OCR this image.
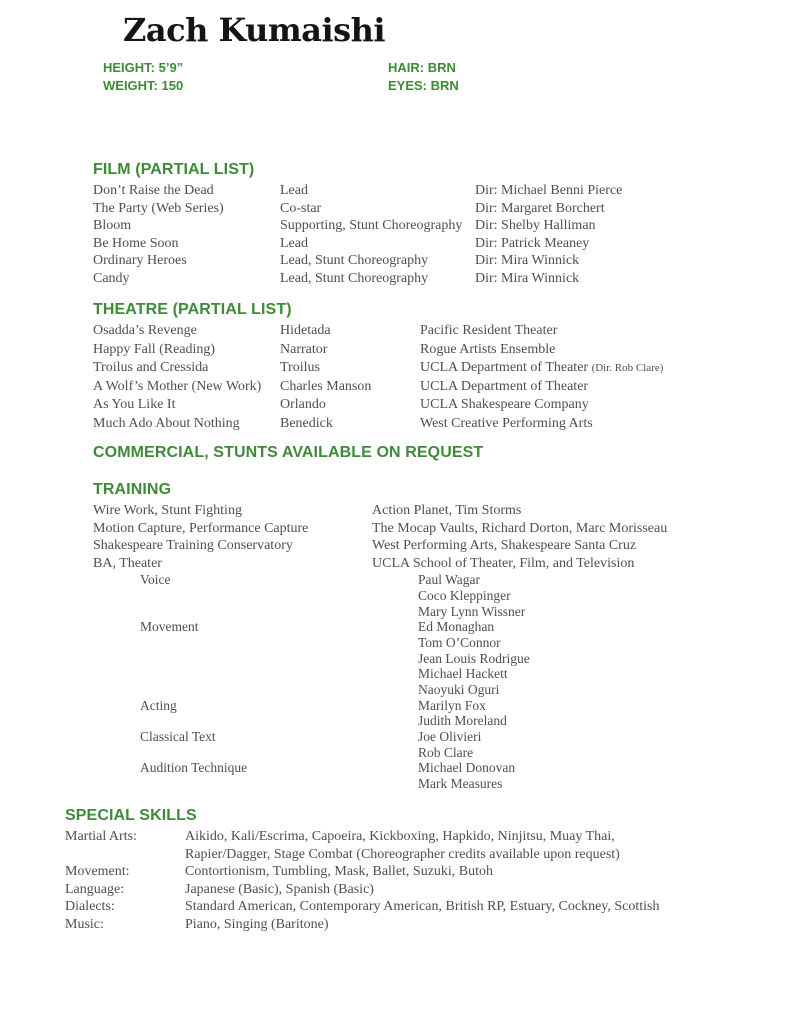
Zach Kumaishi
HEIGHT: 5’9”	HAIR: BRN
WEIGHT: 150	EYES: BRN
FILM (PARTIAL LIST)
Don’t Raise the Dead	Lead	Dir: Michael Benni Pierce
The Party (Web Series)	Co-star	Dir: Margaret Borchert
Bloom	Supporting, Stunt Choreography Dir: Shelby Halliman
Be Home Soon	Lead	Dir: Patrick Meaney
Ordinary Heroes	Lead, Stunt Choreography	Dir: Mira Winnick
Candy	Lead, Stunt Choreography	Dir: Mira Winnick
THEATRE (PARTIAL LIST)
Osadda’s Revenge	Hidetada	Pacific Resident Theater
Happy Fall (Reading)	Narrator	Rogue Artists Ensemble
Troilus and Cressida	Troilus	UCLA Department of Theater (Dir. Rob Clare)
A Wolf’s Mother (New Work)	Charles Manson	UCLA Department of Theater
As You Like It	Orlando	UCLA Shakespeare Company
Much Ado About Nothing	Benedick	West Creative Performing Arts
COMMERCIAL, STUNTS AVAILABLE ON REQUEST
TRAINING
Wire Work, Stunt Fighting	Action Planet, Tim Storms
Motion Capture, Performance Capture	The Mocap Vaults, Richard Dorton, Marc Morisseau
Shakespeare Training Conservatory	West Performing Arts, Shakespeare Santa Cruz
BA, Theater	UCLA School of Theater, Film, and Television
Voice	Paul Wagar
Coco Kleppinger
Mary Lynn Wissner
Movement	Ed Monaghan
Tom O’Connor
Jean Louis Rodrigue
Michael Hackett
Naoyuki Oguri
Acting	Marilyn Fox
Judith Moreland
Classical Text	Joe Olivieri
Rob Clare
Audition Technique	Michael Donovan
Mark Measures
SPECIAL SKILLS
Martial Arts:	Aikido, Kali/Escrima, Capoeira, Kickboxing, Hapkido, Ninjitsu, Muay Thai,
Rapier/Dagger, Stage Combat (Choreographer credits available upon request)
Movement:	Contortionism, Tumbling, Mask, Ballet, Suzuki, Butoh
Language:	Japanese (Basic), Spanish (Basic)
Dialects:	Standard American, Contemporary American, British RP, Estuary, Cockney, Scottish
Music:	Piano, Singing (Baritone)
